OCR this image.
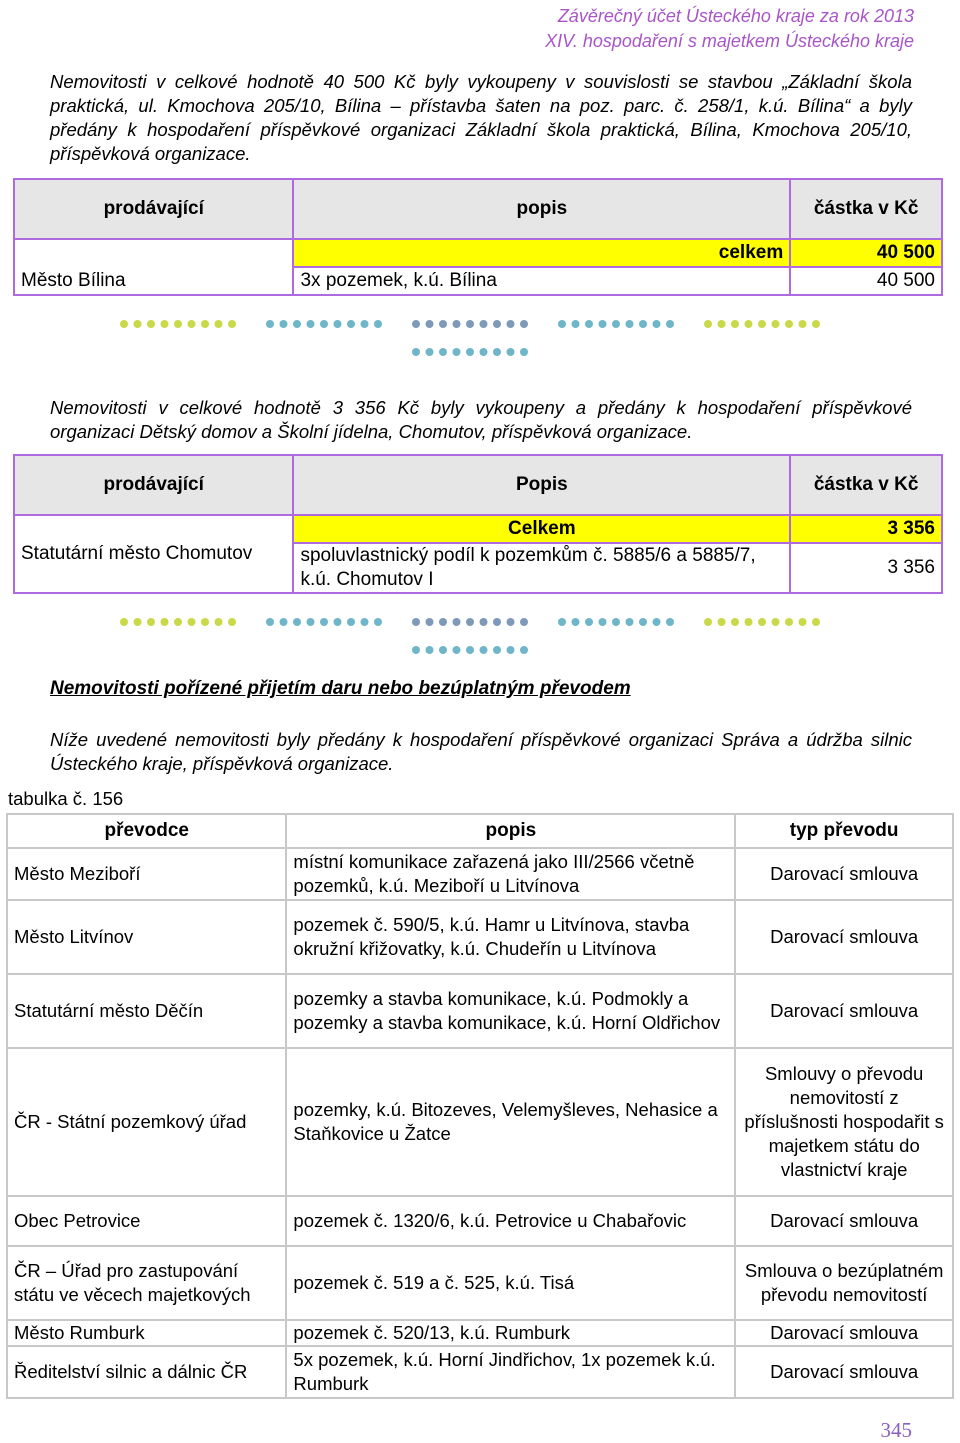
Závěrečný účet Ústeckého kraje za rok 2013
XIV. hospodaření s majetkem Ústeckého kraje
Nemovitosti v celkové hodnotě 40 500 Kč byly vykoupeny v souvislosti se stavbou „Základní škola praktická, ul. Kmochova 205/10, Bílina – přístavba šaten na poz. parc. č. 258/1, k.ú. Bílina“ a byly předány k hospodaření příspěvkové organizaci Základní škola praktická, Bílina, Kmochova 205/10, příspěvková organizace.
prodávající	popis	částka v Kč
Město Bílina	celkem	40 500
	3x pozemek, k.ú. Bílina	40 500
Nemovitosti v celkové hodnotě 3 356 Kč byly vykoupeny a předány k hospodaření příspěvkové organizaci Dětský domov a Školní jídelna, Chomutov, příspěvková organizace.
prodávající	Popis	částka v Kč
Statutární město Chomutov	Celkem	3 356
	spoluvlastnický podíl k pozemkům č. 5885/6 a 5885/7, k.ú. Chomutov I	3 356
Nemovitosti pořízené přijetím daru nebo bezúplatným převodem
Níže uvedené nemovitosti byly předány k hospodaření příspěvkové organizaci Správa a údržba silnic Ústeckého kraje, příspěvková organizace.
tabulka č. 156
převodce	popis	typ převodu
Město Meziboří	místní komunikace zařazená jako III/2566 včetně pozemků, k.ú. Meziboří u Litvínova	Darovací smlouva
Město Litvínov	pozemek č. 590/5, k.ú. Hamr u Litvínova, stavba okružní křižovatky, k.ú. Chudeřín u Litvínova	Darovací smlouva
Statutární město Děčín	pozemky a stavba komunikace, k.ú. Podmokly a pozemky a stavba komunikace, k.ú. Horní Oldřichov	Darovací smlouva
ČR - Státní pozemkový úřad	pozemky, k.ú. Bitozeves, Velemyšleves, Nehasice a Staňkovice u Žatce	Smlouvy o převodu nemovitostí z příslušnosti hospodařit s majetkem státu do vlastnictví kraje
Obec Petrovice	pozemek č. 1320/6, k.ú. Petrovice u Chabařovic	Darovací smlouva
ČR – Úřad pro zastupování státu ve věcech majetkových	pozemek č. 519 a č. 525, k.ú. Tisá	Smlouva o bezúplatném převodu nemovitostí
Město Rumburk	pozemek č. 520/13, k.ú. Rumburk	Darovací smlouva
Ředitelství silnic a dálnic ČR	5x pozemek, k.ú. Horní Jindřichov, 1x pozemek k.ú. Rumburk	Darovací smlouva
345
